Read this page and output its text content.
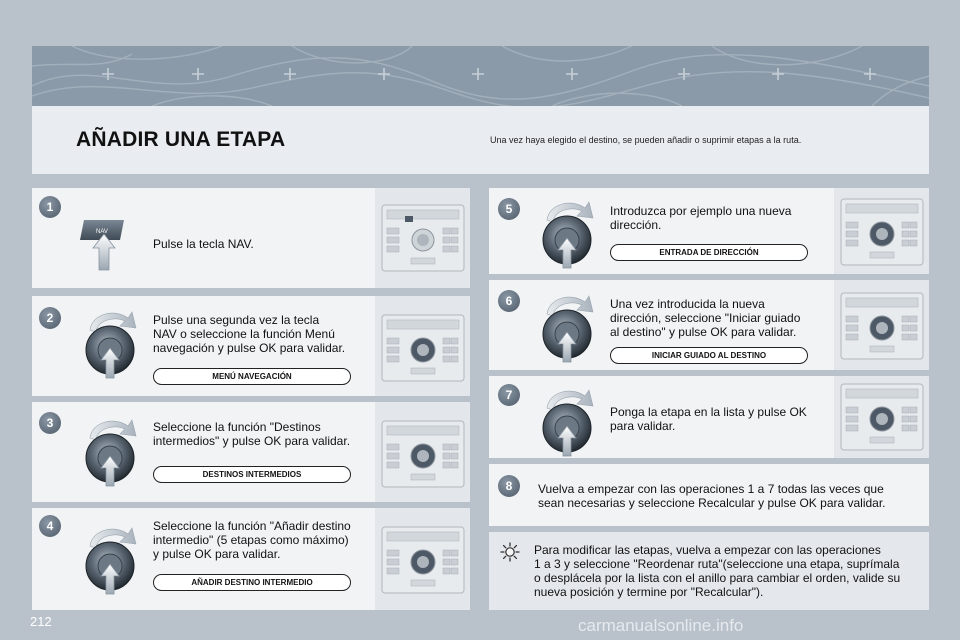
AÑADIR UNA ETAPA	Una vez haya elegido el destino, se pueden añadir o suprimir etapas a la ruta.
1
NAV
Pulse la tecla NAV.
2	Pulse una segunda vez la tecla
NAV o seleccione la función Menú
navegación y pulse OK para validar.
MENÚ NAVEGACIÓN
3	Seleccione la función "Destinos
intermedios" y pulse OK para validar.
DESTINOS INTERMEDIOS
4	Seleccione la función "Añadir destino
intermedio" (5 etapas como máximo)
y pulse OK para validar.
AÑADIR DESTINO INTERMEDIO
5	Introduzca por ejemplo una nueva
dirección.
ENTRADA DE DIRECCIÓN
6	Una vez introducida la nueva
dirección, seleccione "Iniciar guiado
al destino" y pulse OK para validar.
INICIAR GUIADO AL DESTINO
7
Ponga la etapa en la lista y pulse OK
para validar.
8	Vuelva a empezar con las operaciones 1 a 7 todas las veces que
sean necesarias y seleccione Recalcular y pulse OK para validar.
Para modificar las etapas, vuelva a empezar con las operaciones
1 a 3 y seleccione "Reordenar ruta"(seleccione una etapa, suprímala
o desplácela por la lista con el anillo para cambiar el orden, valide su
nueva posición y termine por "Recalcular").
212	carmanualsonline.info
